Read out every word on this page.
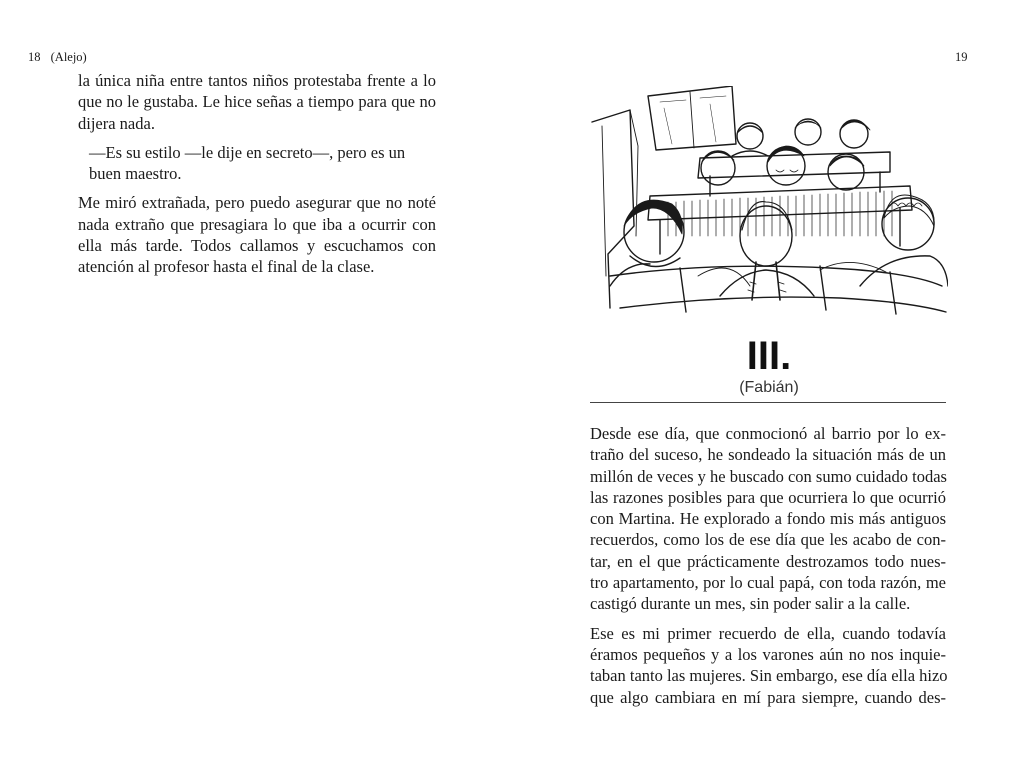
18 (Alejo)

la única niña entre tantos niños protestaba frente a lo
que no le gustaba. Le hice señas a tiempo para que no
dijera nada.

—Es su estilo —le dije en secreto—, pero es un
buen maestro.

Me miró extrañada, pero puedo asegurar que no noté
nada extraño que presagiara lo que iba a ocurrir con
ella más tarde. Todos callamos y escuchamos con
atención al profesor hasta el final de la clase.

19
III.
(Fabián)

Desde ese día, que conmocionó al barrio por lo ex-
traño del suceso, he sondeado la situación más de un
millón de veces y he buscado con sumo cuidado todas
las razones posibles para que ocurriera lo que ocurrió
con Martina. He explorado a fondo mis más antiguos
recuerdos, como los de ese día que les acabo de con-
tar, en el que prácticamente destrozamos todo nues-
tro apartamento, por lo cual papá, con toda razón, me
castigó durante un mes, sin poder salir a la calle.

Ese es mi primer recuerdo de ella, cuando todavía
éramos pequeños y a los varones aún no nos inquie-
taban tanto las mujeres. Sin embargo, ese día ella hizo
que algo cambiara en mí para siempre, cuando des-
